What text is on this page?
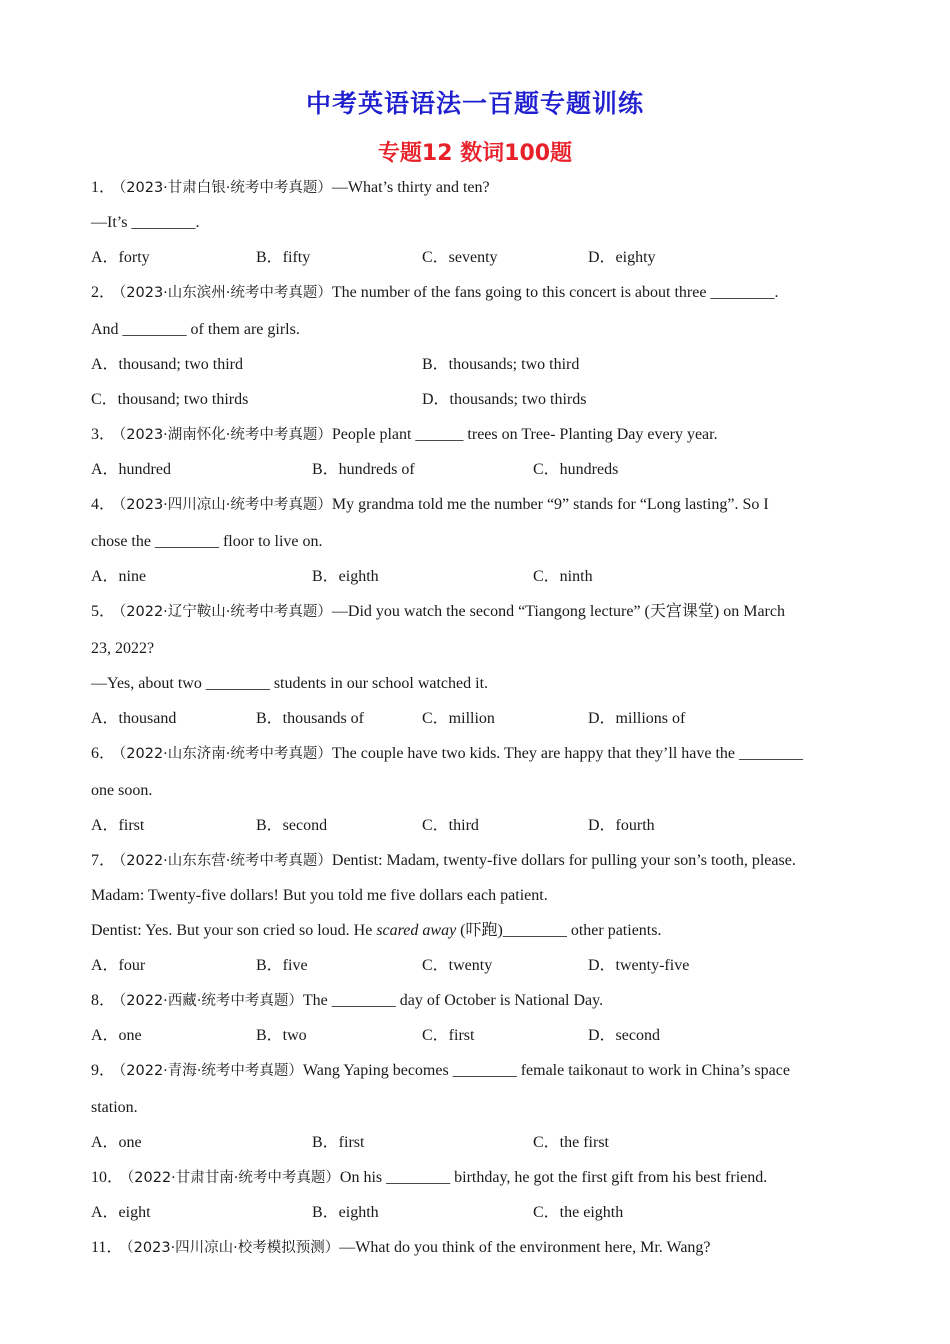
中考英语语法一百题专题训练
专题12 数词100题
1． （2023·甘肃白银·统考中考真题）—What’s thirty and ten?
—It’s ________.
A．forty	B．fifty	C．seventy	D．eighty
2． （2023·山东滨州·统考中考真题）The number of the fans going to this concert is about three ________.
And ________ of them are girls.
A．thousand; two third	B．thousands; two third
C．thousand; two thirds	D．thousands; two thirds
3． （2023·湖南怀化·统考中考真题）People plant ______ trees on Tree- Planting Day every year.
A．hundred	B．hundreds of	C．hundreds
4． （2023·四川凉山·统考中考真题）My grandma told me the number “9” stands for “Long lasting”. So I
chose the ________ floor to live on.
A．nine	B．eighth	C．ninth
5． （2022·辽宁鞍山·统考中考真题）—Did you watch the second “Tiangong lecture” (天宫课堂) on March
23, 2022?
—Yes, about two ________ students in our school watched it.
A．thousand	B．thousands of	C．million	D．millions of
6． （2022·山东济南·统考中考真题）The couple have two kids. They are happy that they’ll have the ________
one soon.
A．first	B．second	C．third	D．fourth
7． （2022·山东东营·统考中考真题）Dentist: Madam, twenty-five dollars for pulling your son’s tooth, please.
Madam: Twenty-five dollars! But you told me five dollars each patient.
Dentist: Yes. But your son cried so loud. He scared away (吓跑)________ other patients.
A．four	B．five	C．twenty	D．twenty-five
8． （2022·西藏·统考中考真题）The ________ day of October is National Day.
A．one	B．two	C．first	D．second
9． （2022·青海·统考中考真题）Wang Yaping becomes ________ female taikonaut to work in China’s space
station.
A．one	B．first	C．the first
10． （2022·甘肃甘南·统考中考真题）On his ________ birthday, he got the first gift from his best friend.
A．eight	B．eighth	C．the eighth
11． （2023·四川凉山·校考模拟预测）—What do you think of the environment here, Mr. Wang?
